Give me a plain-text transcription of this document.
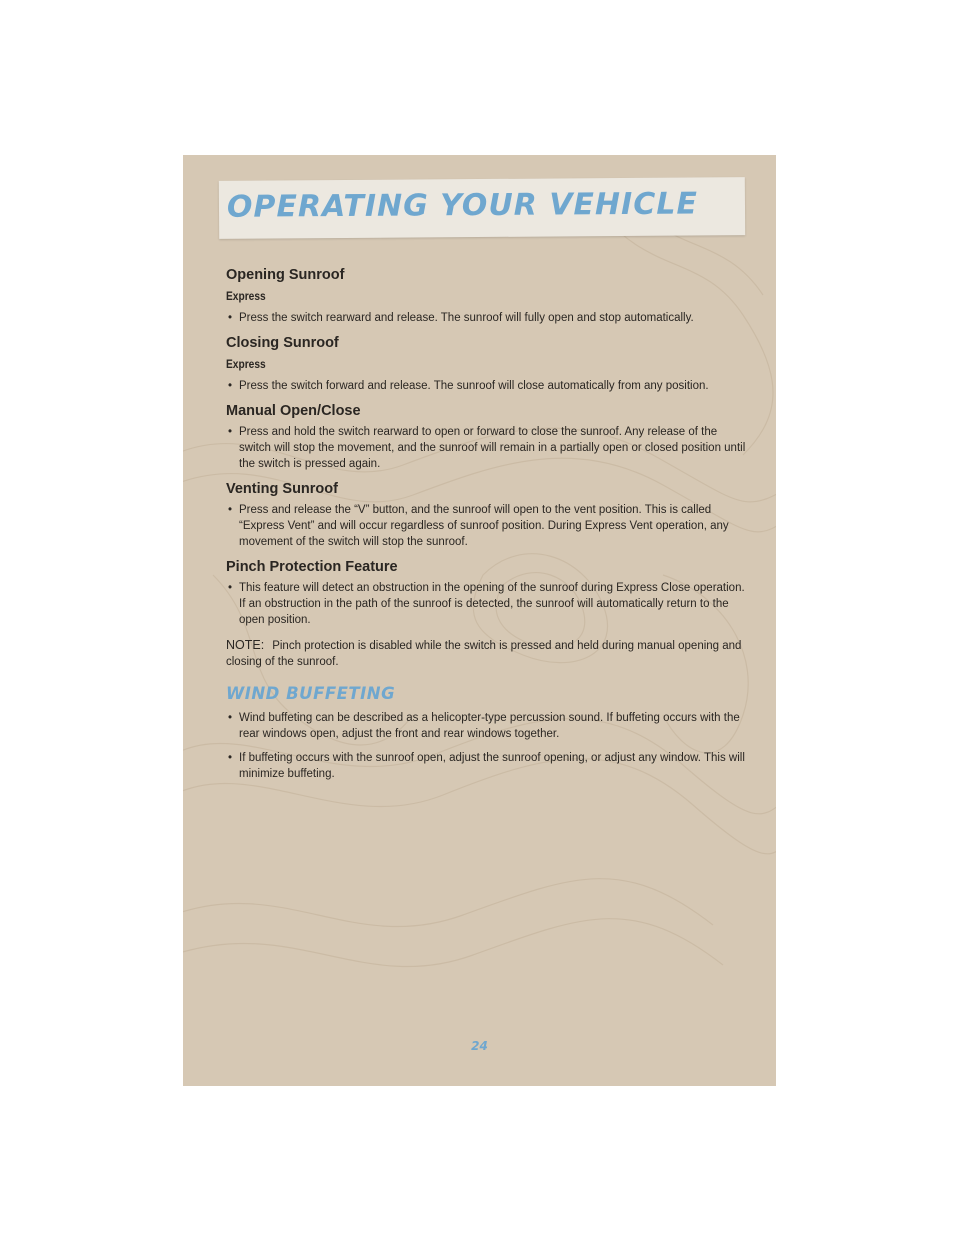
OPERATING YOUR VEHICLE
Opening Sunroof
Express
• Press the switch rearward and release. The sunroof will fully open and stop automatically.
Closing Sunroof
Express
• Press the switch forward and release. The sunroof will close automatically from any position.
Manual Open/Close
• Press and hold the switch rearward to open or forward to close the sunroof. Any release of the switch will stop the movement, and the sunroof will remain in a partially open or closed position until the switch is pressed again.
Venting Sunroof
• Press and release the “V” button, and the sunroof will open to the vent position. This is called “Express Vent” and will occur regardless of sunroof position. During Express Vent operation, any movement of the switch will stop the sunroof.
Pinch Protection Feature
• This feature will detect an obstruction in the opening of the sunroof during Express Close operation. If an obstruction in the path of the sunroof is detected, the sunroof will automatically return to the open position.
NOTE: Pinch protection is disabled while the switch is pressed and held during manual opening and closing of the sunroof.
WIND BUFFETING
• Wind buffeting can be described as a helicopter-type percussion sound. If buffeting occurs with the rear windows open, adjust the front and rear windows together.
• If buffeting occurs with the sunroof open, adjust the sunroof opening, or adjust any window. This will minimize buffeting.
24
